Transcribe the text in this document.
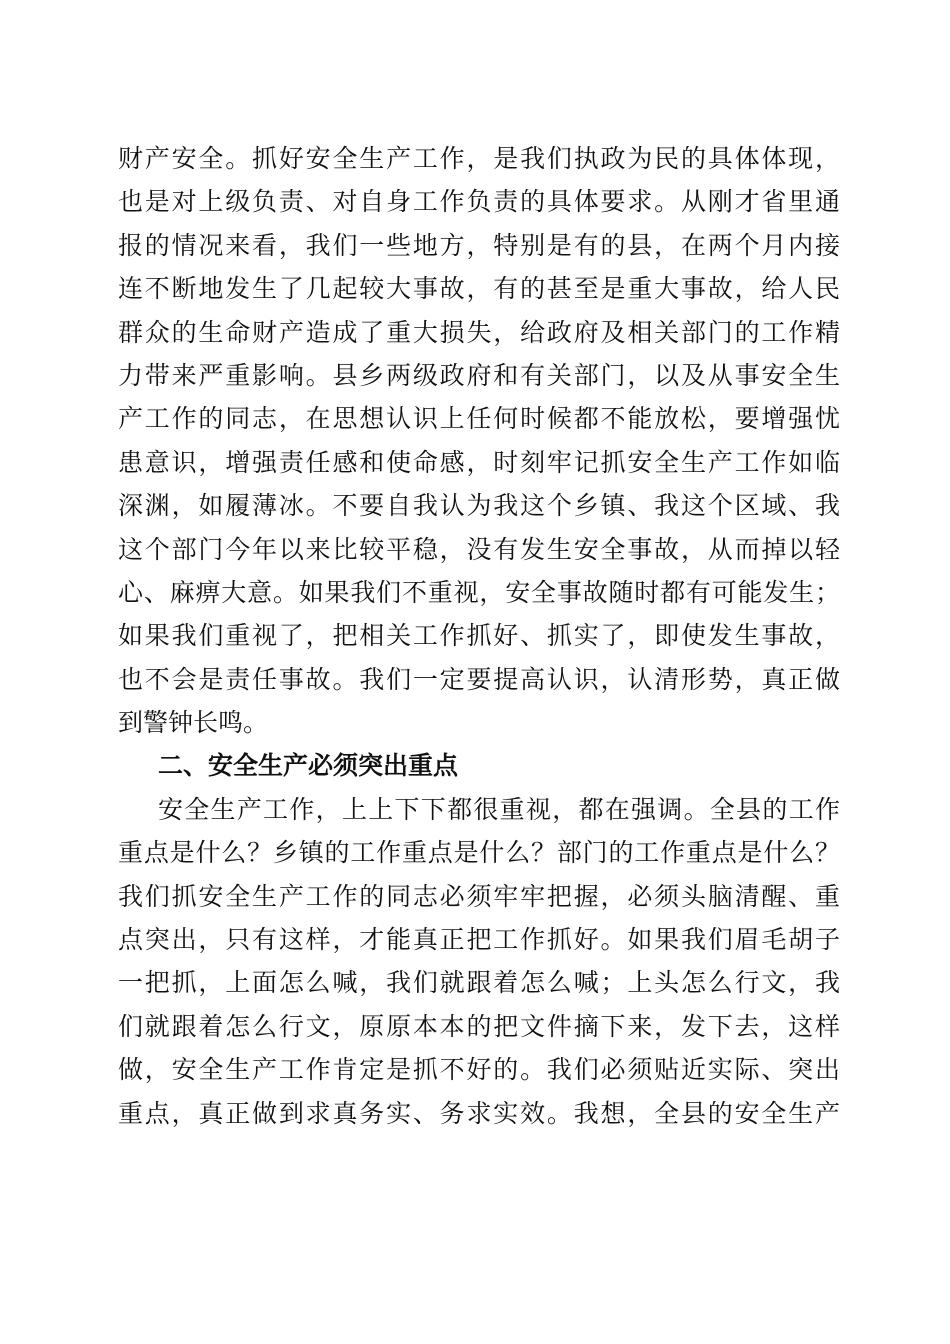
财产安全。抓好安全生产工作，是我们执政为民的具体体现，
也是对上级负责、对自身工作负责的具体要求。从刚才省里通
报的情况来看，我们一些地方，特别是有的县，在两个月内接
连不断地发生了几起较大事故，有的甚至是重大事故，给人民
群众的生命财产造成了重大损失，给政府及相关部门的工作精
力带来严重影响。县乡两级政府和有关部门，以及从事安全生
产工作的同志，在思想认识上任何时候都不能放松，要增强忧
患意识，增强责任感和使命感，时刻牢记抓安全生产工作如临
深渊，如履薄冰。不要自我认为我这个乡镇、我这个区域、我
这个部门今年以来比较平稳，没有发生安全事故，从而掉以轻
心、麻痹大意。如果我们不重视，安全事故随时都有可能发生；
如果我们重视了，把相关工作抓好、抓实了，即使发生事故，
也不会是责任事故。我们一定要提高认识，认清形势，真正做
到警钟长鸣。
二、安全生产必须突出重点
安全生产工作，上上下下都很重视，都在强调。全县的工作
重点是什么？乡镇的工作重点是什么？部门的工作重点是什么？
我们抓安全生产工作的同志必须牢牢把握，必须头脑清醒、重
点突出，只有这样，才能真正把工作抓好。如果我们眉毛胡子
一把抓，上面怎么喊，我们就跟着怎么喊；上头怎么行文，我
们就跟着怎么行文，原原本本的把文件摘下来，发下去，这样
做，安全生产工作肯定是抓不好的。我们必须贴近实际、突出
重点，真正做到求真务实、务求实效。我想，全县的安全生产
